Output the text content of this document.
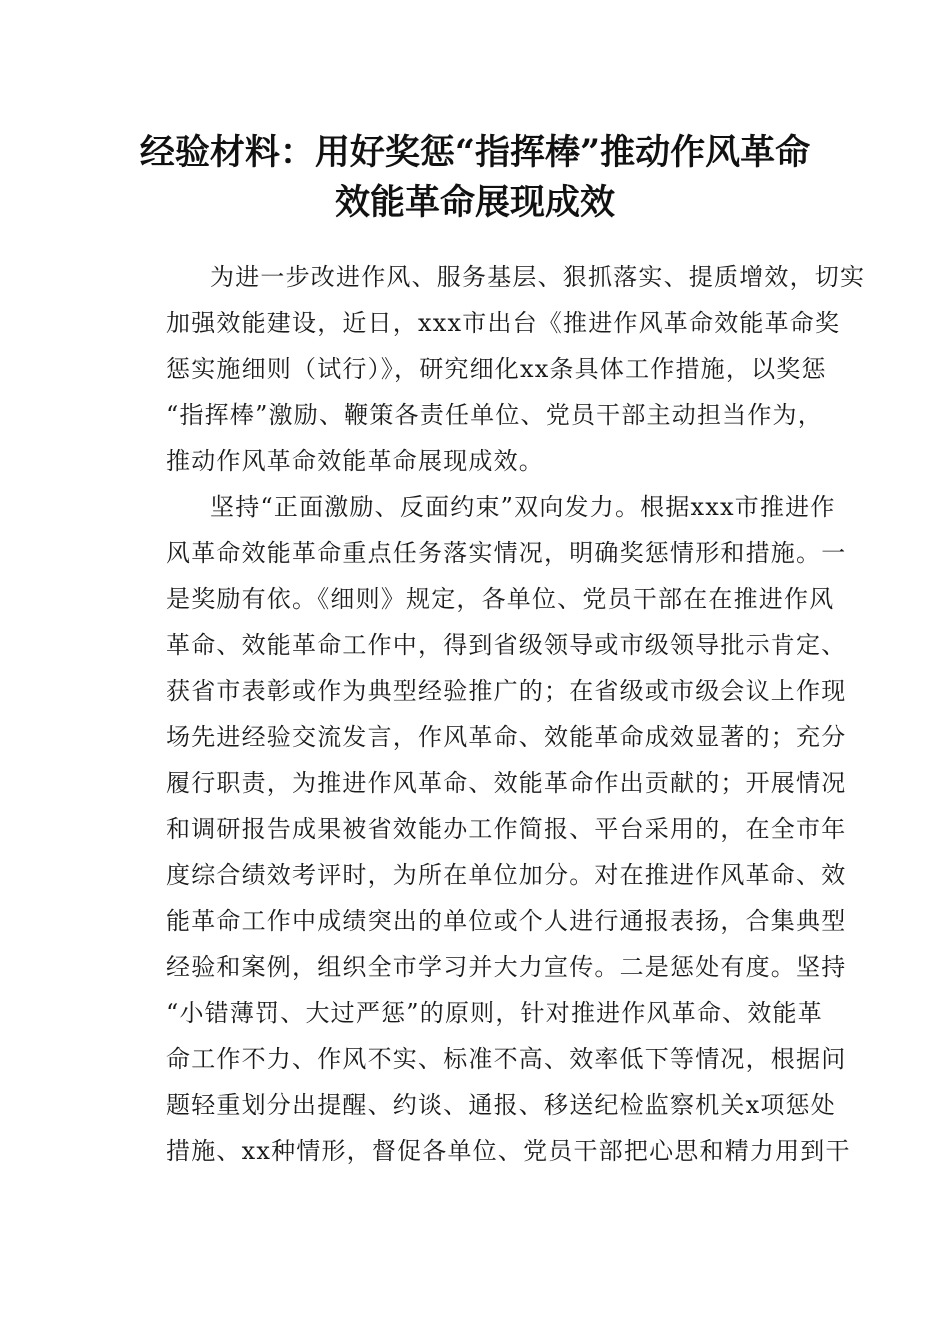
经验材料：用好奖惩“指挥棒”推动作风革命
效能革命展现成效
为进一步改进作风、服务基层、狠抓落实、提质增效，切实
加强效能建设，近日，xxx市出台《推进作风革命效能革命奖
惩实施细则（试行）》，研究细化xx条具体工作措施，以奖惩
“指挥棒”激励、鞭策各责任单位、党员干部主动担当作为，
推动作风革命效能革命展现成效。
坚持“正面激励、反面约束”双向发力。根据xxx市推进作
风革命效能革命重点任务落实情况，明确奖惩情形和措施。一
是奖励有依。《细则》规定，各单位、党员干部在在推进作风
革命、效能革命工作中，得到省级领导或市级领导批示肯定、
获省市表彰或作为典型经验推广的；在省级或市级会议上作现
场先进经验交流发言，作风革命、效能革命成效显著的；充分
履行职责，为推进作风革命、效能革命作出贡献的；开展情况
和调研报告成果被省效能办工作简报、平台采用的，在全市年
度综合绩效考评时，为所在单位加分。对在推进作风革命、效
能革命工作中成绩突出的单位或个人进行通报表扬，合集典型
经验和案例，组织全市学习并大力宣传。二是惩处有度。坚持
“小错薄罚、大过严惩”的原则，针对推进作风革命、效能革
命工作不力、作风不实、标准不高、效率低下等情况，根据问
题轻重划分出提醒、约谈、通报、移送纪检监察机关x项惩处
措施、xx种情形，督促各单位、党员干部把心思和精力用到干
